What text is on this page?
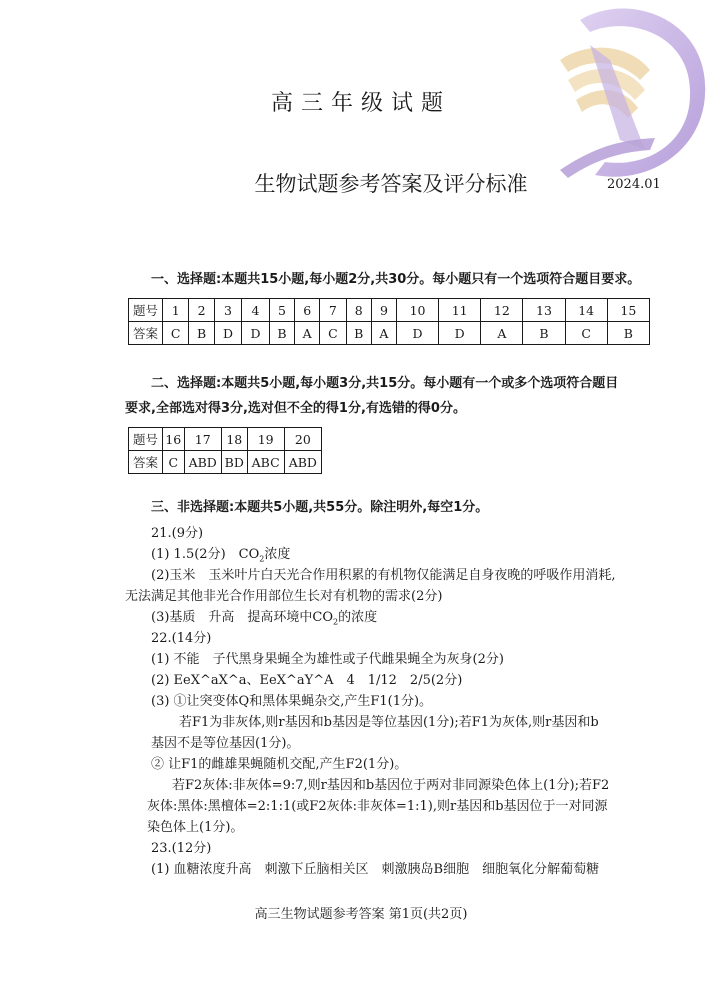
高三年级试题
生物试题参考答案及评分标准	2024.01
一、选择题:本题共15小题,每小题2分,共30分。每小题只有一个选项符合题目要求。
题号	1	2	3	4	5	6	7	8	9	10	11	12	13	14	15
答案	C	B	D	D	B	A	C	B	A	D	D	A	B	C	B
二、选择题:本题共5小题,每小题3分,共15分。每小题有一个或多个选项符合题目
要求,全部选对得3分,选对但不全的得1分,有选错的得0分。
题号	16	17	18	19	20
答案	C	ABD	BD	ABC	ABD
三、非选择题:本题共5小题,共55分。除注明外,每空1分。
21.(9分)
(1) 1.5(2分)　$CO_2$浓度
(2)玉米　玉米叶片白天光合作用积累的有机物仅能满足自身夜晚的呼吸作用消耗,
无法满足其他非光合作用部位生长对有机物的需求(2分)
(3)基质　升高　提高环境中$CO_2$的浓度
22.(14分)
(1) 不能　子代黑身果蝇全为雄性或子代雌果蝇全为灰身(2分)
(2) EeX^aX^a、EeX^aY^A　4　1/12　2/5(2分)
(3) ①让突变体Q和黑体果蝇杂交,产生F1(1分)。
若F1为非灰体,则r基因和b基因是等位基因(1分);若F1为灰体,则r基因和b
基因不是等位基因(1分)。
② 让F1的雌雄果蝇随机交配,产生F2(1分)。
若F2灰体:非灰体=9:7,则r基因和b基因位于两对非同源染色体上(1分);若F2
灰体:黑体:黑檀体=2:1:1(或F2灰体:非灰体=1:1),则r基因和b基因位于一对同源
染色体上(1分)。
23.(12分)
(1) 血糖浓度升高　刺激下丘脑相关区　刺激胰岛B细胞　细胞氧化分解葡萄糖
高三生物试题参考答案 第1页(共2页)
